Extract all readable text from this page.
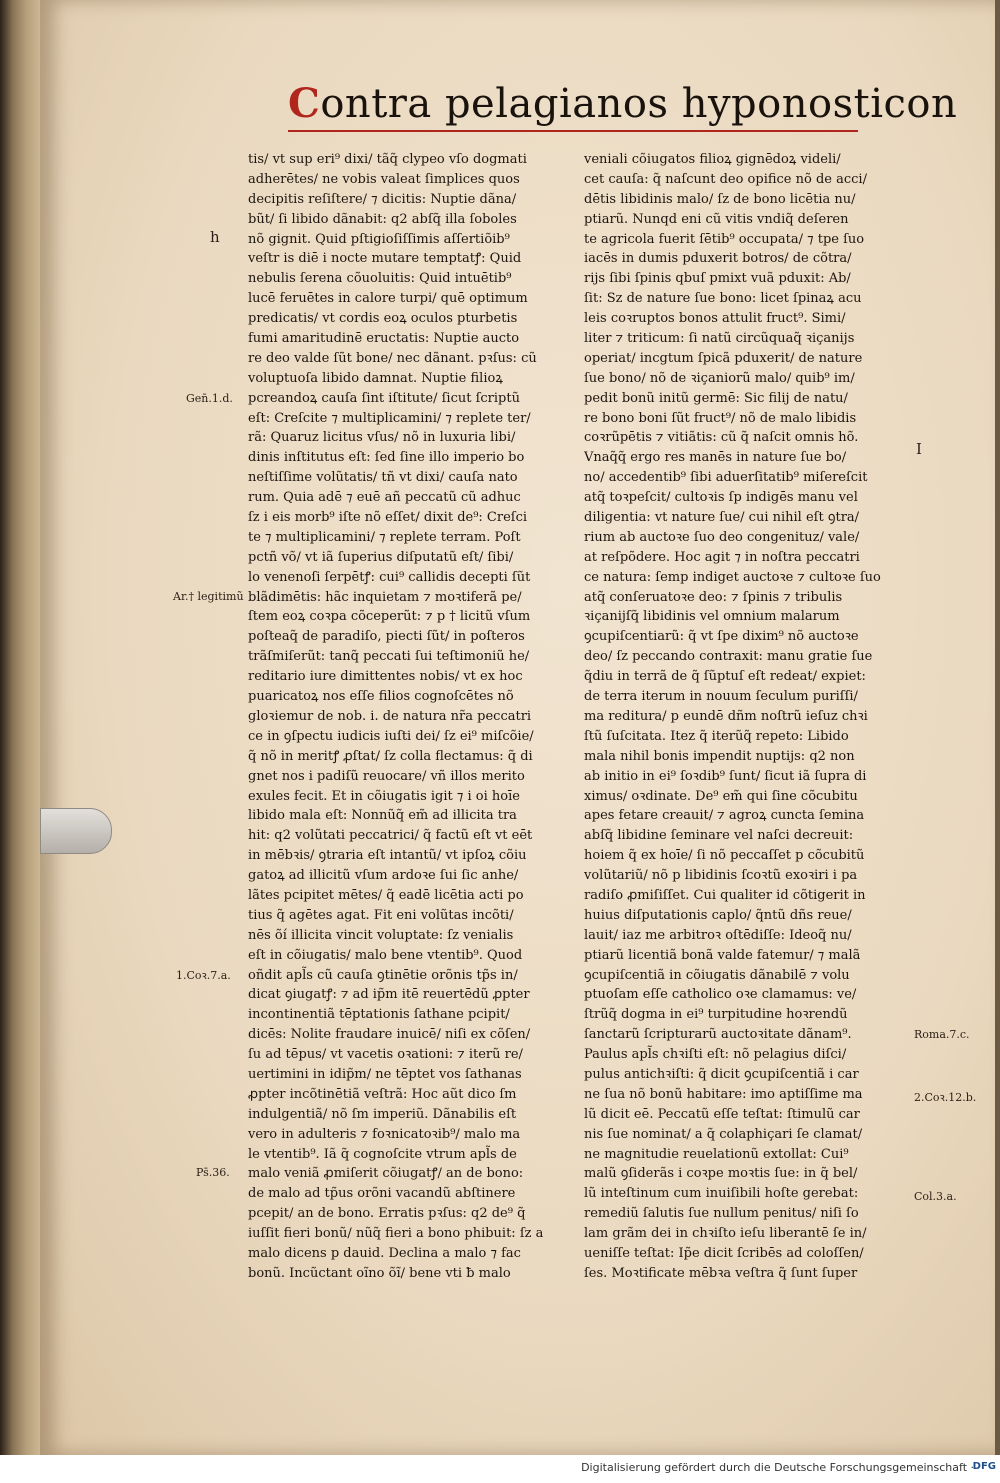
Contra pelagianos hyponosticon
tis/ vt sup eri⁹ dixi/ tãq̃ clypeo vſo dogmati
adherētes/ ne vobis valeat ſimplices quos
decipitis reſiſtere/ ⁊ dicitis: Nuptie dãna/
bũt/ ſi libido dãnabit: q2 abſq̃ illa ſoboles
nõ gignit. Quid pſtigioſiſſimis aſſertiõib⁹
veſtr is diē i nocte mutare temptatꝭ: Quid
nebulis ſerena cõuoluitis: Quid intuētib⁹
lucē feruētes in calore turpi/ quē optimum
predicatis/ vt cordis eoꝝ oculos pturbetis
fumi amaritudinē eructatis: Nuptie aucto
re deo valde ſũt bone/ nec dãnant. pꝛſus: cũ
voluptuoſa libido damnat. Nuptie filioꝝ
pcreandoꝝ cauſa ſint iſtitute/ ſicut ſcriptũ
eſt: Creſcite ⁊ multiplicamini/ ⁊ replete ter/
rã: Quaruz licitus vſus/ nõ in luxuria libi/
dinis inſtitutus eſt: ſed ſine illo imperio bo
neſtiſſime volũtatis/ tñ vt dixi/ cauſa nato
rum. Quia adē ⁊ euē añ peccatũ cũ adhuc
ſz i eis morb⁹ iſte nõ eſſet/ dixit de⁹: Creſci
te ⁊ multiplicamini/ ⁊ replete terram. Poſt
pctñ võ/ vt iã ſuperius diſputatũ eſt/ ſibi/
lo venenoſi ſerpētꝭ: cui⁹ callidis decepti ſũt
blãdimētis: hãc inquietam ⁊ moꝛtiferã pe/
ſtem eoꝝ coꝛpa cõceperũt: ⁊ p † licitũ vſum
poſteaq̃ de paradiſo, piecti ſũt/ in poſteros
trãſmiſerũt: tanq̃ peccati ſui teſtimoniũ he/
reditario iure dimittentes nobis/ vt ex hoc
puaricatoꝝ nos eſſe filios cognoſcētes nõ
gloꝛiemur de nob. i. de natura nr̃a peccatri
ce in ꝯſpectu iudicis iuſti dei/ ſz ei⁹ miſcõie/
q̃ nõ in meritꝭ ꝓſtat/ ſz colla flectamus: q̃ di
gnet nos i padiſũ reuocare/ vñ illos merito
exules fecit. Et in cõiugatis igit ⁊ i oi hoīe
libido mala eſt: Nonnũq̃ em̃ ad illicita tra
hit: q2 volũtati peccatrici/ q̃ factũ eſt vt eēt
in mēbꝛis/ ꝯtraria eſt intantũ/ vt ipſoꝝ cõiu
gatoꝝ ad illicitũ vſum ardoꝛe ſui ſic anhe/
lãtes pcipitet mētes/ q̃ eadē licētia acti po
tius q̃ agētes agat. Fit eni volũtas incõti/
nēs õı́ illicita vincit voluptate: ſz venialis
eſt in cõiugatis/ malo bene vtentib⁹. Quod
oñdit apl̃s cũ cauſa ꝯtinētie orõnis tp̃s in/
dicat ꝯiugatꝭ: ⁊ ad ip̃m itē reuertēdũ ꝓpter
incontinentiã tēptationis ſathane pcipit/
dicēs: Nolite fraudare inuicē/ niſi ex cõſen/
ſu ad tēpus/ vt vacetis oꝛationi: ⁊ iterũ re/
uertimini in idip̃m/ ne tēptet vos ſathanas
ꝓpter incõtinētiã veſtrã: Hoc aũt dico ſm
indulgentiã/ nõ ſm imperiũ. Dãnabilis eſt
vero in adulteris ⁊ foꝛnicatoꝛib⁹/ malo ma
le vtentib⁹. Iã q̃ cognoſcite vtrum apl̃s de
malo veniã ꝓmiſerit cõiugatꝭ/ an de bono:
de malo ad tp̃us orõni vacandũ abſtinere
pcepit/ an de bono. Erratis pꝛſus: q2 de⁹ q̃
iuſſit fieri bonũ/ nũq̃ fieri a bono phibuit: ſz a
malo dicens p dauid. Declina a malo ⁊ fac
bonũ. Incũctant oĩno õı̃/ bene vti ƀ malo
veniali cõiugatos filioꝝ gignēdoꝝ videli/
cet cauſa: q̃ naſcunt deo opifice nõ de acci/
dētis libidinis malo/ ſz de bono licētia nu/
ptiarũ. Nunqd eni cũ vitis vndiq̃ deſeren
te agricola fuerit ſētib⁹ occupata/ ⁊ tpe ſuo
iacēs in dumis pduxerit botros/ de cõtra/
rijs ſibi ſpinis qbuſ pmixt vuã pduxit: Ab/
ſit: Sz de nature ſue bono: licet ſpinaꝝ acu
leis coꝛruptos bonos attulit fruct⁹. Simi/
liter ⁊ triticum: ſi natũ circũquaq̃ ꝛiçanijs
operiat/ incgtum ſpicã pduxerit/ de nature
ſue bono/ nõ de ꝛiçaniorũ malo/ quib⁹ im/
pedit bonũ initũ germē: Sic filij de natu/
re bono boni ſũt fruct⁹/ nõ de malo libidis
coꝛrũpētis ⁊ vitiãtis: cũ q̃ naſcit omnis hõ.
Vnaq̃q̃ ergo res manēs in nature ſue bo/
no/ accedentib⁹ ſibi aduerſitatib⁹ miſereſcit
atq̃ toꝛpeſcit/ cultoꝛis ſp indigēs manu vel
diligentia: vt nature ſue/ cui nihil eſt ꝯtra/
rium ab auctoꝛe ſuo deo congenituz/ vale/
at reſpõdere. Hoc agit ⁊ in noſtra peccatri
ce natura: ſemp indiget auctoꝛe ⁊ cultoꝛe ſuo
atq̃ conſeruatoꝛe deo: ⁊ ſpinis ⁊ tribulis
ꝛiçanijſq̃ libidinis vel omnium malarum
ꝯcupiſcentiarũ: q̃ vt ſpe dixim⁹ nõ auctoꝛe
deo/ ſz peccando contraxit: manu gratie ſue
q̃diu in terrã de q̃ ſũptuſ eſt redeat/ expiet:
de terra iterum in nouum ſeculum puriſſi/
ma reditura/ p eundē dñm noſtrũ ieſuz chꝛi
ſtũ ſuſcitata. Itez q̃ iterũq̃ repeto: Libido
mala nihil bonis impendit nuptijs: q2 non
ab initio in ei⁹ ſoꝛdib⁹ ſunt/ ſicut iã ſupra di
ximus/ oꝛdinate. De⁹ em̃ qui ſine cõcubitu
apes fetare creauit/ ⁊ agroꝝ cuncta ſemina
abſq̃ libidine ſeminare vel naſci decreuit:
hoiem q̃ ex hoīe/ ſi nõ peccaſſet p cõcubitũ
volũtariũ/ nõ p libidinis ſcoꝛtũ exoꝛiri i pa
radiſo ꝓmiſiſſet. Cui qualiter id cõtigerit in
huius diſputationis caplo/ q̃ntũ dñs reue/
lauit/ iaz me arbitroꝛ oſtēdiſſe: Ideoq̃ nu/
ptiarũ licentiã bonã valde fatemur/ ⁊ malã
ꝯcupiſcentiã in cõiugatis dãnabilē ⁊ volu
ptuoſam eſſe catholico oꝛe clamamus: ve/
ſtrũq̃ dogma in ei⁹ turpitudine hoꝛrendũ
ſanctarũ ſcripturarũ auctoꝛitate dãnam⁹.
Paulus apl̃s chꝛiſti eſt: nõ pelagius diſci/
pulus antichꝛiſti: q̃ dicit ꝯcupiſcentiã i car
ne ſua nõ bonũ habitare: imo aptiſſime ma
lũ dicit eē. Peccatũ eſſe teſtat: ſtimulũ car
nis ſue nominat/ a q̃ colaphiçari ſe clamat/
ne magnitudie reuelationũ extollat: Cui⁹
malũ ꝯſiderãs i coꝛpe moꝛtis ſue: in q̃ bel/
lũ inteſtinum cum inuiſibili hoſte gerebat:
remediũ ſalutis ſue nullum penitus/ niſi ſo
lam grãm dei in chꝛiſto ieſu liberantē ſe in/
ueniſſe teſtat: Ip̃e dicit ſcribēs ad coloſſen/
ſes. Moꝛtificate mēbꝛa veſtra q̃ ſunt ſuper
h
Gen̄.1.d.
Ar.† legitimũ
1.Coꝛ.7.a.
Ps̄.36.
I
Roma.7.c.
2.Coꝛ.12.b.
Col.3.a.
Digitalisierung gefördert durch die Deutsche Forschungsgemeinschaft ·
DFG
